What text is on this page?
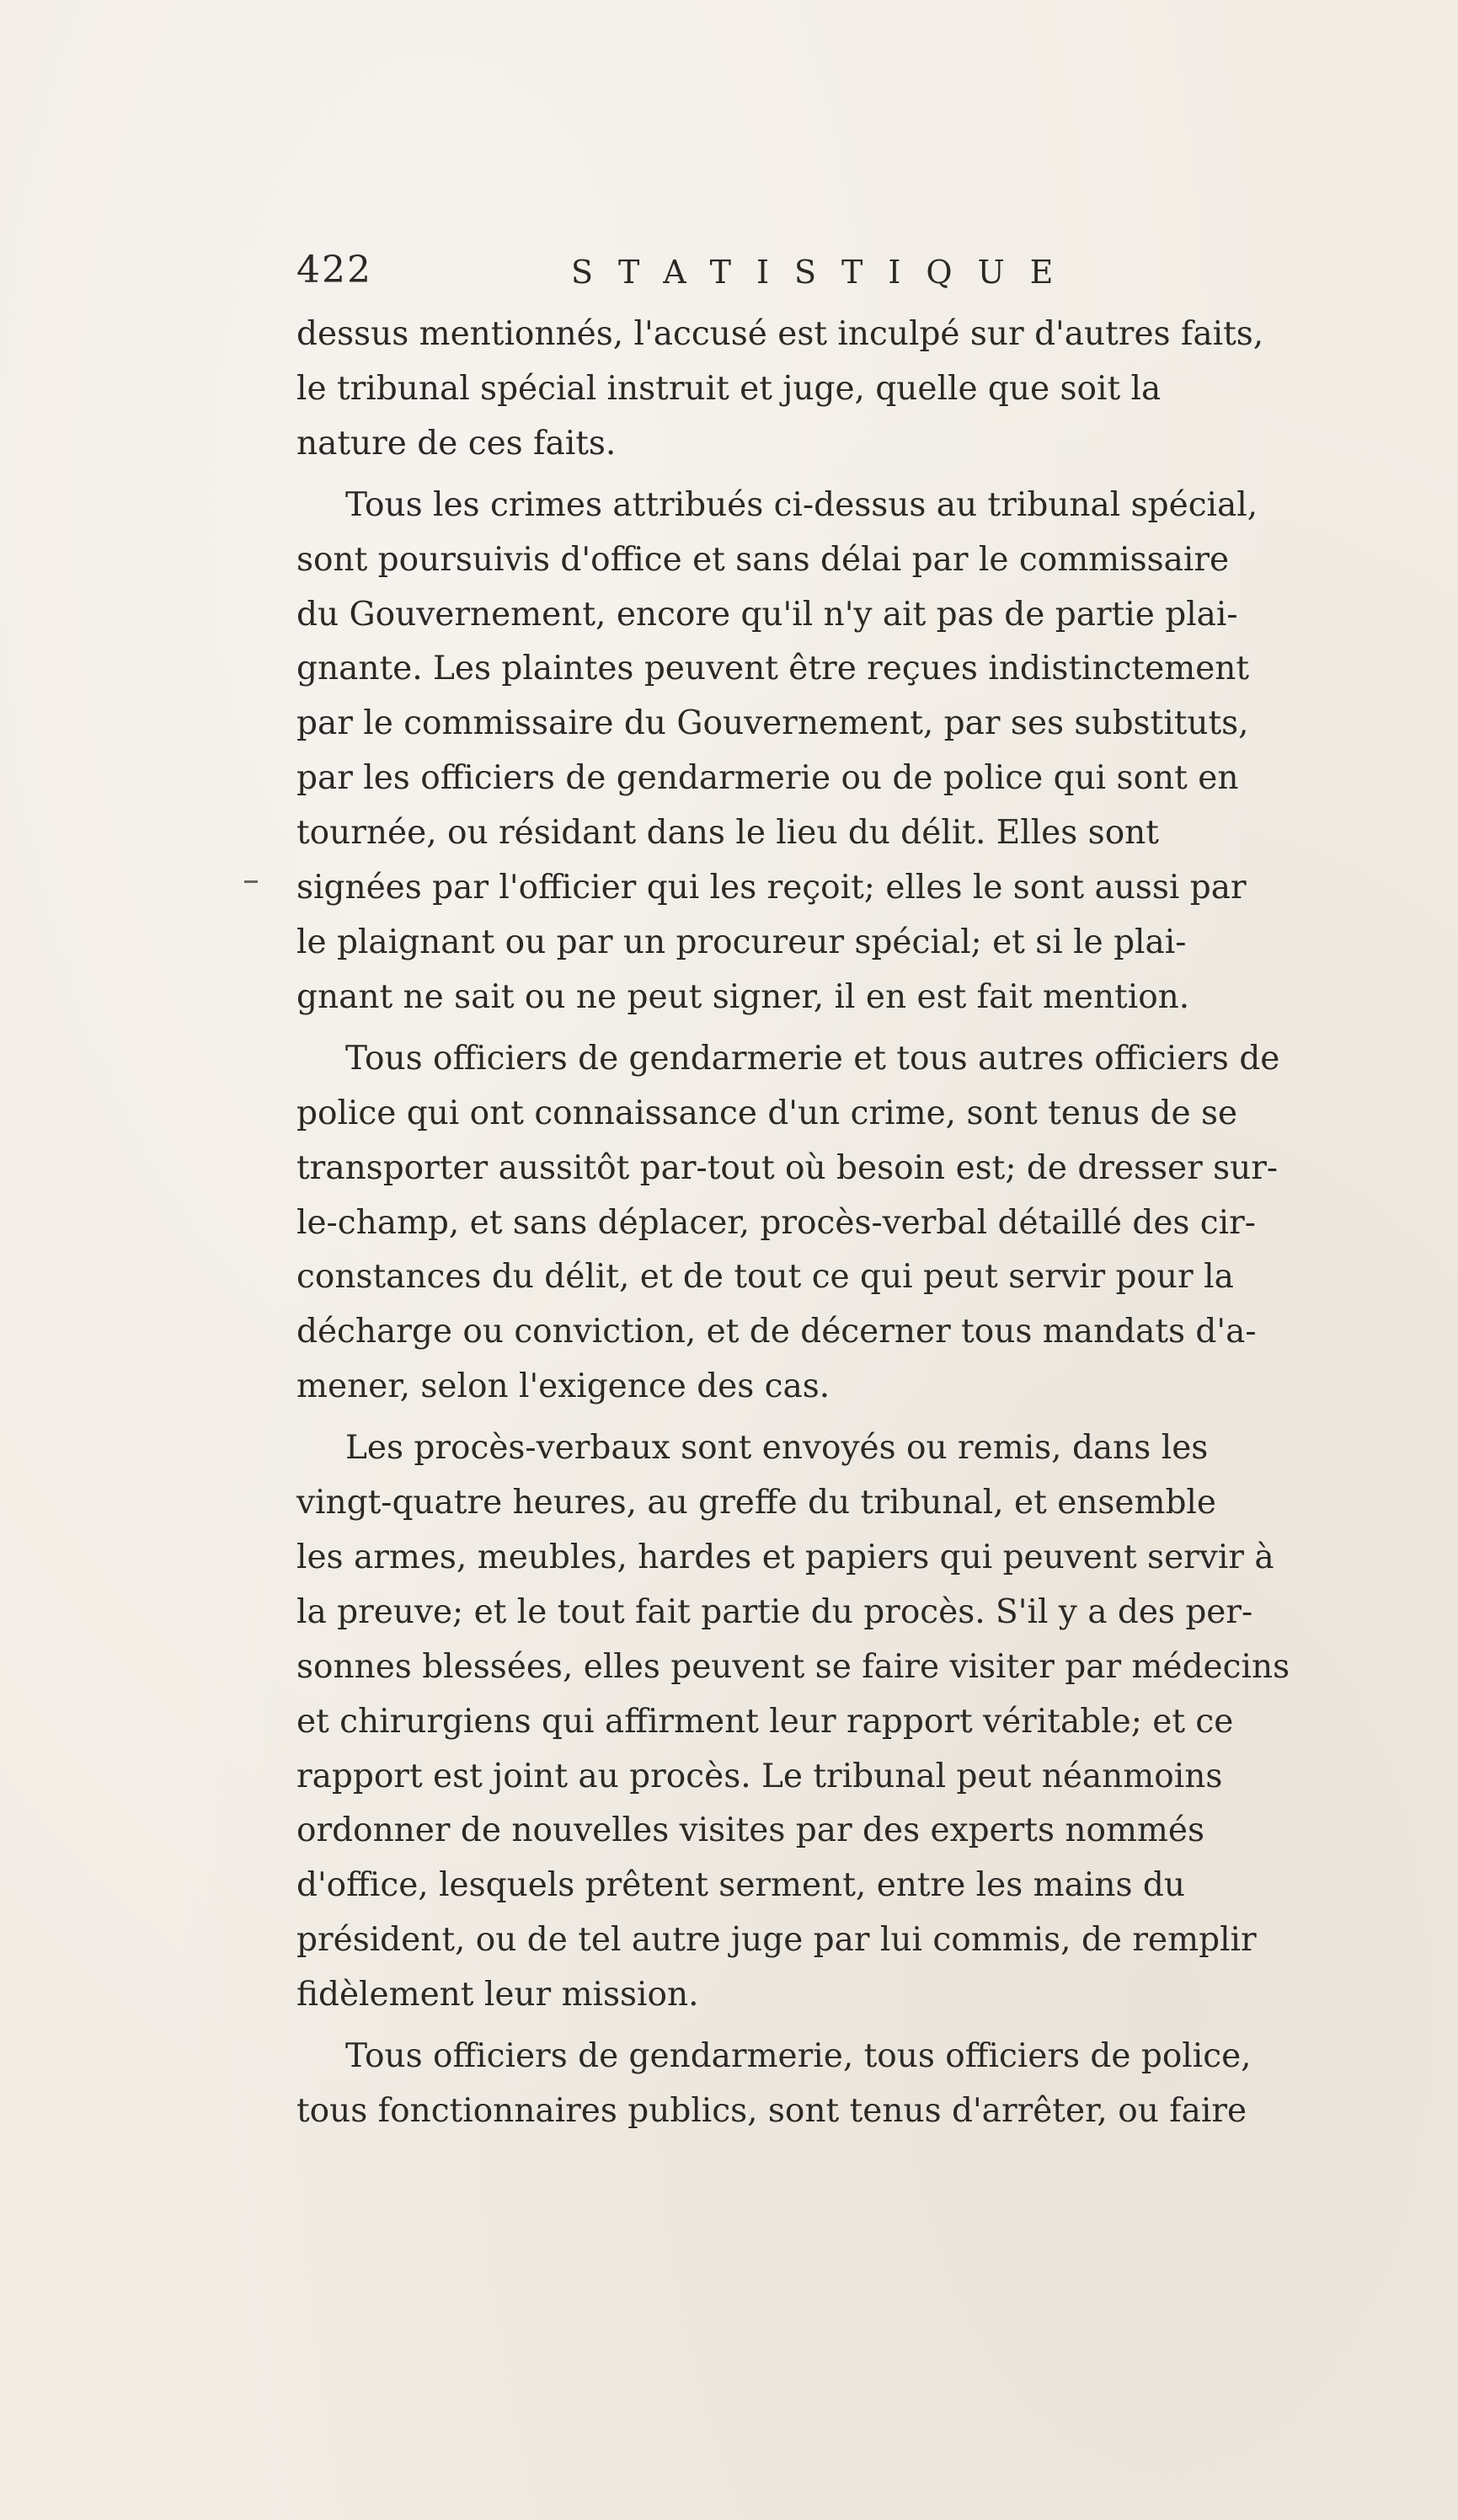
422	STATISTIQUE

dessus mentionnés, l'accusé est inculpé sur d'autres faits,
le tribunal spécial instruit et juge, quelle que soit la
nature de ces faits.

Tous les crimes attribués ci-dessus au tribunal spécial,
sont poursuivis d'office et sans délai par le commissaire
du Gouvernement, encore qu'il n'y ait pas de partie plai-
gnante. Les plaintes peuvent être reçues indistinctement
par le commissaire du Gouvernement, par ses substituts,
par les officiers de gendarmerie ou de police qui sont en
tournée, ou résidant dans le lieu du délit. Elles sont
signées par l'officier qui les reçoit; elles le sont aussi par
le plaignant ou par un procureur spécial; et si le plai-
gnant ne sait ou ne peut signer, il en est fait mention.

Tous officiers de gendarmerie et tous autres officiers de
police qui ont connaissance d'un crime, sont tenus de se
transporter aussitôt par-tout où besoin est; de dresser sur-
le-champ, et sans déplacer, procès-verbal détaillé des cir-
constances du délit, et de tout ce qui peut servir pour la
décharge ou conviction, et de décerner tous mandats d'a-
mener, selon l'exigence des cas.

Les procès-verbaux sont envoyés ou remis, dans les
vingt-quatre heures, au greffe du tribunal, et ensemble
les armes, meubles, hardes et papiers qui peuvent servir à
la preuve; et le tout fait partie du procès. S'il y a des per-
sonnes blessées, elles peuvent se faire visiter par médecins
et chirurgiens qui affirment leur rapport véritable; et ce
rapport est joint au procès. Le tribunal peut néanmoins
ordonner de nouvelles visites par des experts nommés
d'office, lesquels prêtent serment, entre les mains du
président, ou de tel autre juge par lui commis, de remplir
fidèlement leur mission.

Tous officiers de gendarmerie, tous officiers de police,
tous fonctionnaires publics, sont tenus d'arrêter, ou faire
